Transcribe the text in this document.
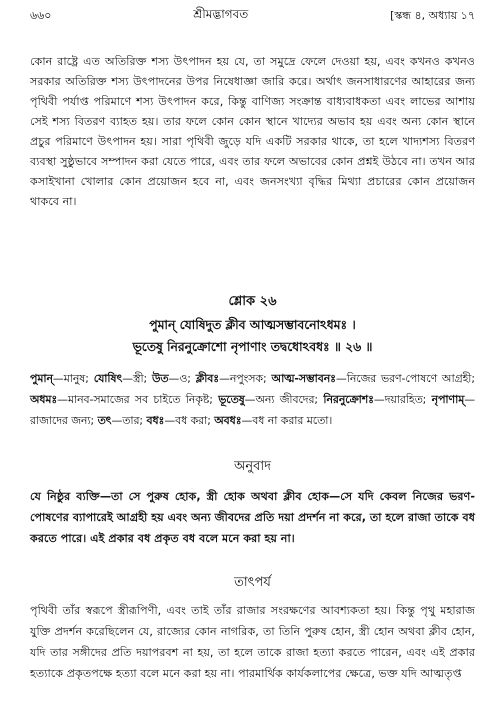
৬৬০	শ্রীমদ্ভাগবত	[স্কন্ধ ৪, অধ্যায় ১৭
কোন রাষ্ট্রে এত অতিরিক্ত শস্য উৎপাদন হয় যে, তা সমুদ্রে ফেলে দেওয়া হয়, এবং কখনও কখনও সরকার অতিরিক্ত শস্য উৎপাদনের উপর নিষেধাজ্ঞা জারি করে। অর্থাৎ জনসাধারণের আহারের জন্য পৃথিবী পর্যাপ্ত পরিমাণে শস্য উৎপাদন করে, কিন্তু বাণিজ্য সংক্রান্ত বাধ্যবাধকতা এবং লাভের আশায় সেই শস্য বিতরণ ব্যাহত হয়। তার ফলে কোন কোন স্থানে খাদ্যের অভাব হয় এবং অন্য কোন স্থানে প্রচুর পরিমাণে উৎপাদন হয়। সারা পৃথিবী জুড়ে যদি একটি সরকার থাকে, তা হলে খাদ্যশস্য বিতরণ ব্যবস্থা সুষ্ঠুভাবে সম্পাদন করা যেতে পারে, এবং তার ফলে অভাবের কোন প্রশ্নই উঠবে না। তখন আর কসাইখানা খোলার কোন প্রয়োজন হবে না, এবং জনসংখ্যা বৃদ্ধির মিথ্যা প্রচারের কোন প্রয়োজন থাকবে না।
শ্লোক ২৬
পুমান্ যোষিদুত ক্লীব আত্মসম্ভাবনোঽধমঃ ।
ভূতেষু নিরনুক্রোশো নৃপাণাং তদ্বধোঽবধঃ ॥ ২৬ ॥
পুমান্—মানুষ; যোষিৎ—স্ত্রী; উত—ও; ক্লীবঃ—নপুংসক; আত্ম-সম্ভাবনঃ—নিজের ভরণ-পোষণে আগ্রহী; অধমঃ—মানব-সমাজের সব চাইতে নিকৃষ্ট; ভূতেষু—অন্য জীবদের; নিরনুক্রোশঃ—দয়ারহিত; নৃপাণাম্—রাজাদের জন্য; তৎ—তার; বধঃ—বধ করা; অবধঃ—বধ না করার মতো।
অনুবাদ
যে নিষ্ঠুর ব্যক্তি—তা সে পুরুষ হোক, স্ত্রী হোক অথবা ক্লীব হোক—সে যদি কেবল নিজের ভরণ-পোষণের ব্যাপারেই আগ্রহী হয় এবং অন্য জীবদের প্রতি দয়া প্রদর্শন না করে, তা হলে রাজা তাকে বধ করতে পারে। এই প্রকার বধ প্রকৃত বধ বলে মনে করা হয় না।
তাৎপর্য
পৃথিবী তাঁর স্বরূপে স্ত্রীরূপিণী, এবং তাই তাঁর রাজার সংরক্ষণের আবশ্যকতা হয়। কিন্তু পৃথু মহারাজ যুক্তি প্রদর্শন করেছিলেন যে, রাজ্যের কোন নাগরিক, তা তিনি পুরুষ হোন, স্ত্রী হোন অথবা ক্লীব হোন, যদি তার সঙ্গীদের প্রতি দয়াপরবশ না হয়, তা হলে তাকে রাজা হত্যা করতে পারেন, এবং এই প্রকার হত্যাকে প্রকৃতপক্ষে হত্যা বলে মনে করা হয় না। পারমার্থিক কার্যকলাপের ক্ষেত্রে, ভক্ত যদি আত্মতৃপ্ত
